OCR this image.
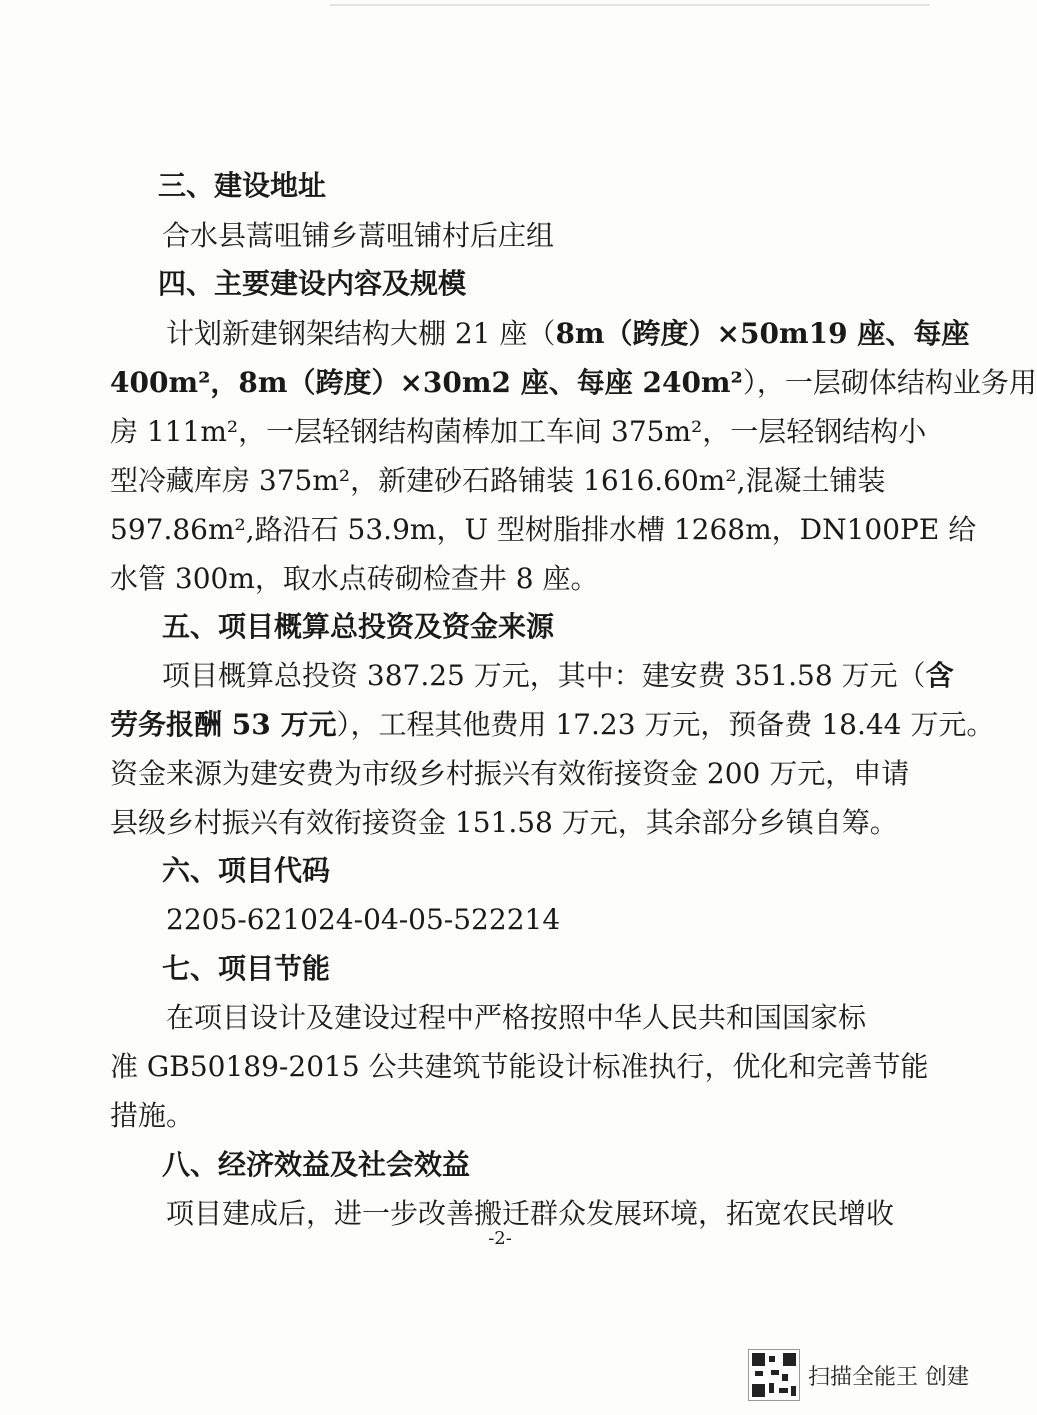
三、建设地址
合水县蒿咀铺乡蒿咀铺村后庄组
四、主要建设内容及规模
计划新建钢架结构大棚 21 座（8m（跨度）×50m19 座、每座
400m²，8m（跨度）×30m2 座、每座 240m²），一层砌体结构业务用
房 111m²，一层轻钢结构菌棒加工车间 375m²，一层轻钢结构小
型冷藏库房 375m²，新建砂石路铺装 1616.60m²,混凝土铺装
597.86m²,路沿石 53.9m，U 型树脂排水槽 1268m，DN100PE 给
水管 300m，取水点砖砌检查井 8 座。
五、项目概算总投资及资金来源
项目概算总投资 387.25 万元，其中：建安费 351.58 万元（含
劳务报酬 53 万元），工程其他费用 17.23 万元，预备费 18.44 万元。
资金来源为建安费为市级乡村振兴有效衔接资金 200 万元，申请
县级乡村振兴有效衔接资金 151.58 万元，其余部分乡镇自筹。
六、项目代码
2205-621024-04-05-522214
七、项目节能
在项目设计及建设过程中严格按照中华人民共和国国家标
准 GB50189-2015 公共建筑节能设计标准执行，优化和完善节能
措施。
八、经济效益及社会效益
项目建成后，进一步改善搬迁群众发展环境，拓宽农民增收
-2-
扫描全能王 创建
